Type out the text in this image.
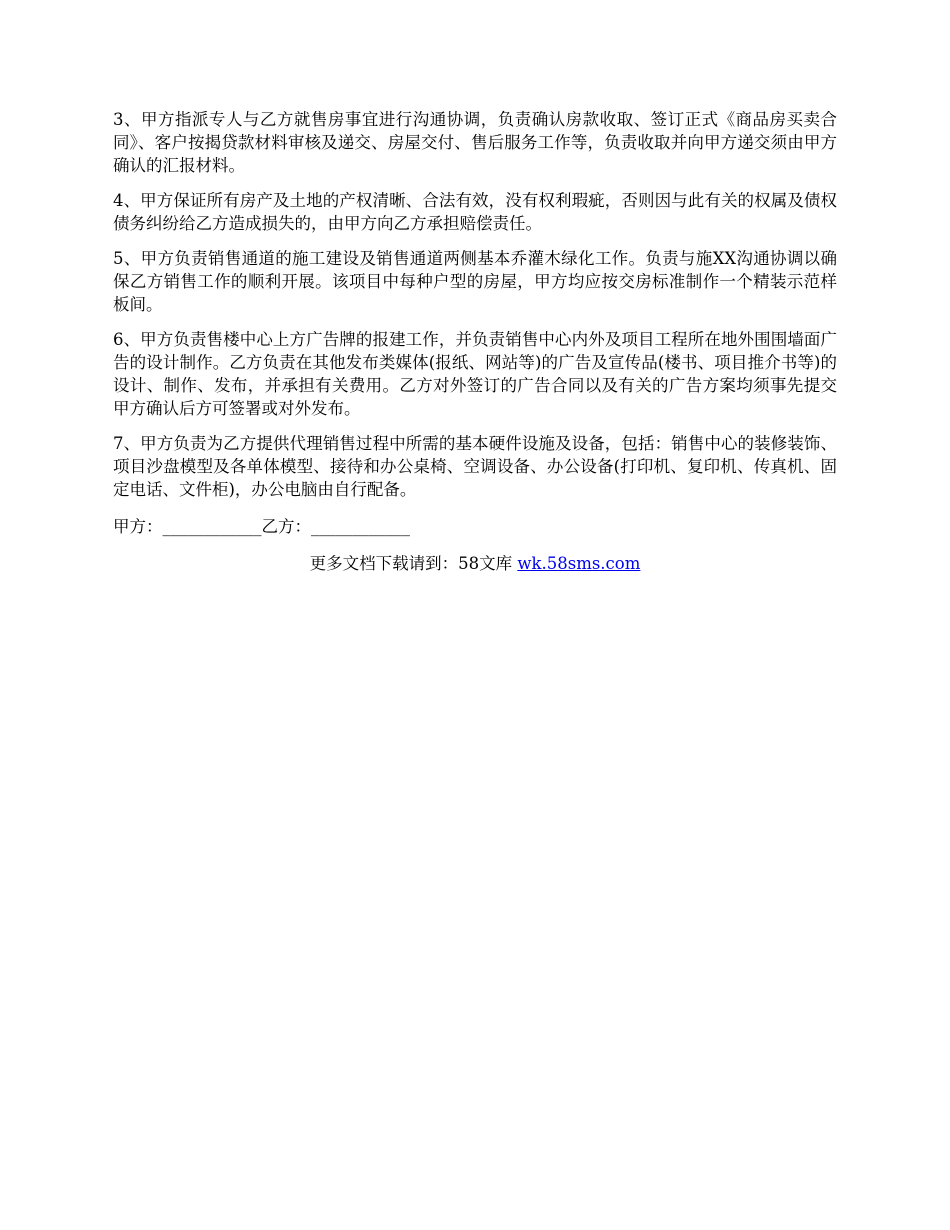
3、甲方指派专人与乙方就售房事宜进行沟通协调，负责确认房款收取、签订正式《商品房买卖合同》、客户按揭贷款材料审核及递交、房屋交付、售后服务工作等，负责收取并向甲方递交须由甲方确认的汇报材料。

4、甲方保证所有房产及土地的产权清晰、合法有效，没有权利瑕疵，否则因与此有关的权属及债权债务纠纷给乙方造成损失的，由甲方向乙方承担赔偿责任。

5、甲方负责销售通道的施工建设及销售通道两侧基本乔灌木绿化工作。负责与施XX沟通协调以确保乙方销售工作的顺利开展。该项目中每种户型的房屋，甲方均应按交房标准制作一个精装示范样板间。

6、甲方负责售楼中心上方广告牌的报建工作，并负责销售中心内外及项目工程所在地外围围墙面广告的设计制作。乙方负责在其他发布类媒体(报纸、网站等)的广告及宣传品(楼书、项目推介书等)的设计、制作、发布，并承担有关费用。乙方对外签订的广告合同以及有关的广告方案均须事先提交甲方确认后方可签署或对外发布。

7、甲方负责为乙方提供代理销售过程中所需的基本硬件设施及设备，包括：销售中心的装修装饰、项目沙盘模型及各单体模型、接待和办公桌椅、空调设备、办公设备(打印机、复印机、传真机、固定电话、文件柜)，办公电脑由自行配备。

甲方：____________乙方：____________
更多文档下载请到：58文库 wk.58sms.com
